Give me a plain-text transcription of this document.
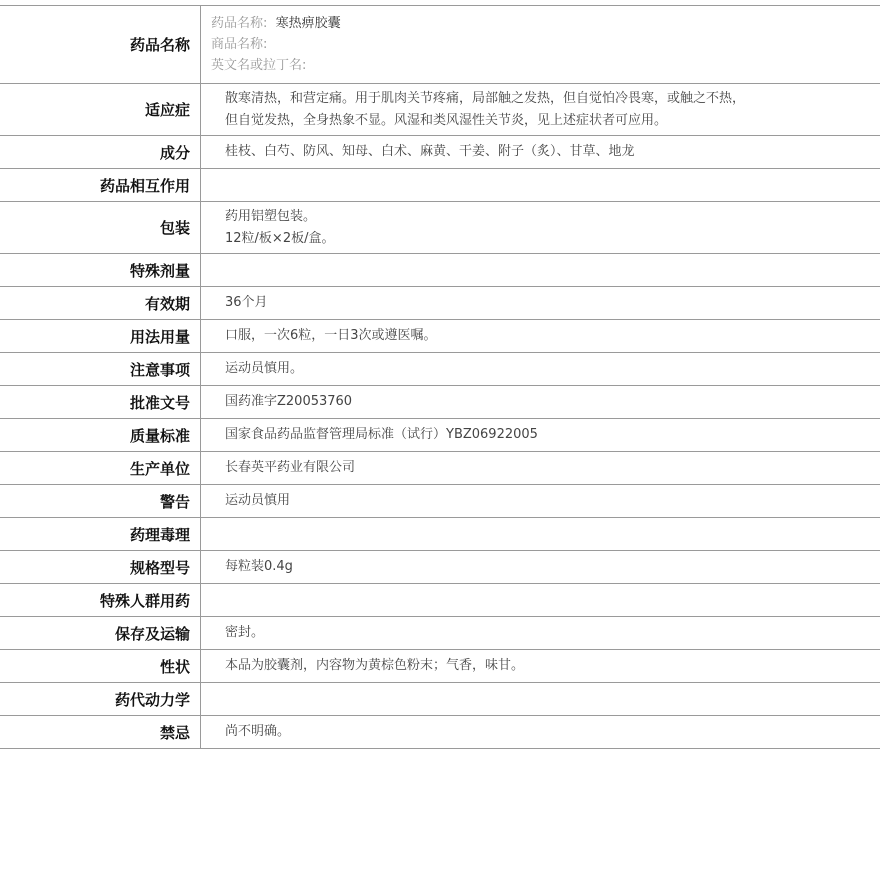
药品名称	药品名称: 寒热痹胶囊
商品名称:
英文名或拉丁名:

适应症	散寒清热，和营定痛。用于肌肉关节疼痛，局部触之发热，但自觉怕冷畏寒，或触之不热，
但自觉发热，全身热象不显。风湿和类风湿性关节炎，见上述症状者可应用。

成分	桂枝、白芍、防风、知母、白术、麻黄、干姜、附子（炙）、甘草、地龙

药品相互作用	
包装	药用铝塑包装。
12粒/板×2板/盒。

特殊剂量	
有效期	36个月

用法用量	口服，一次6粒，一日3次或遵医嘱。

注意事项	运动员慎用。

批准文号	国药准字Z20053760

质量标准	国家食品药品监督管理局标准（试行）YBZ06922005

生产单位	长春英平药业有限公司

警告	运动员慎用

药理毒理	
规格型号	每粒装0.4g

特殊人群用药	
保存及运输	密封。

性状	本品为胶囊剂，内容物为黄棕色粉末；气香，味甘。

药代动力学	
禁忌	尚不明确。
